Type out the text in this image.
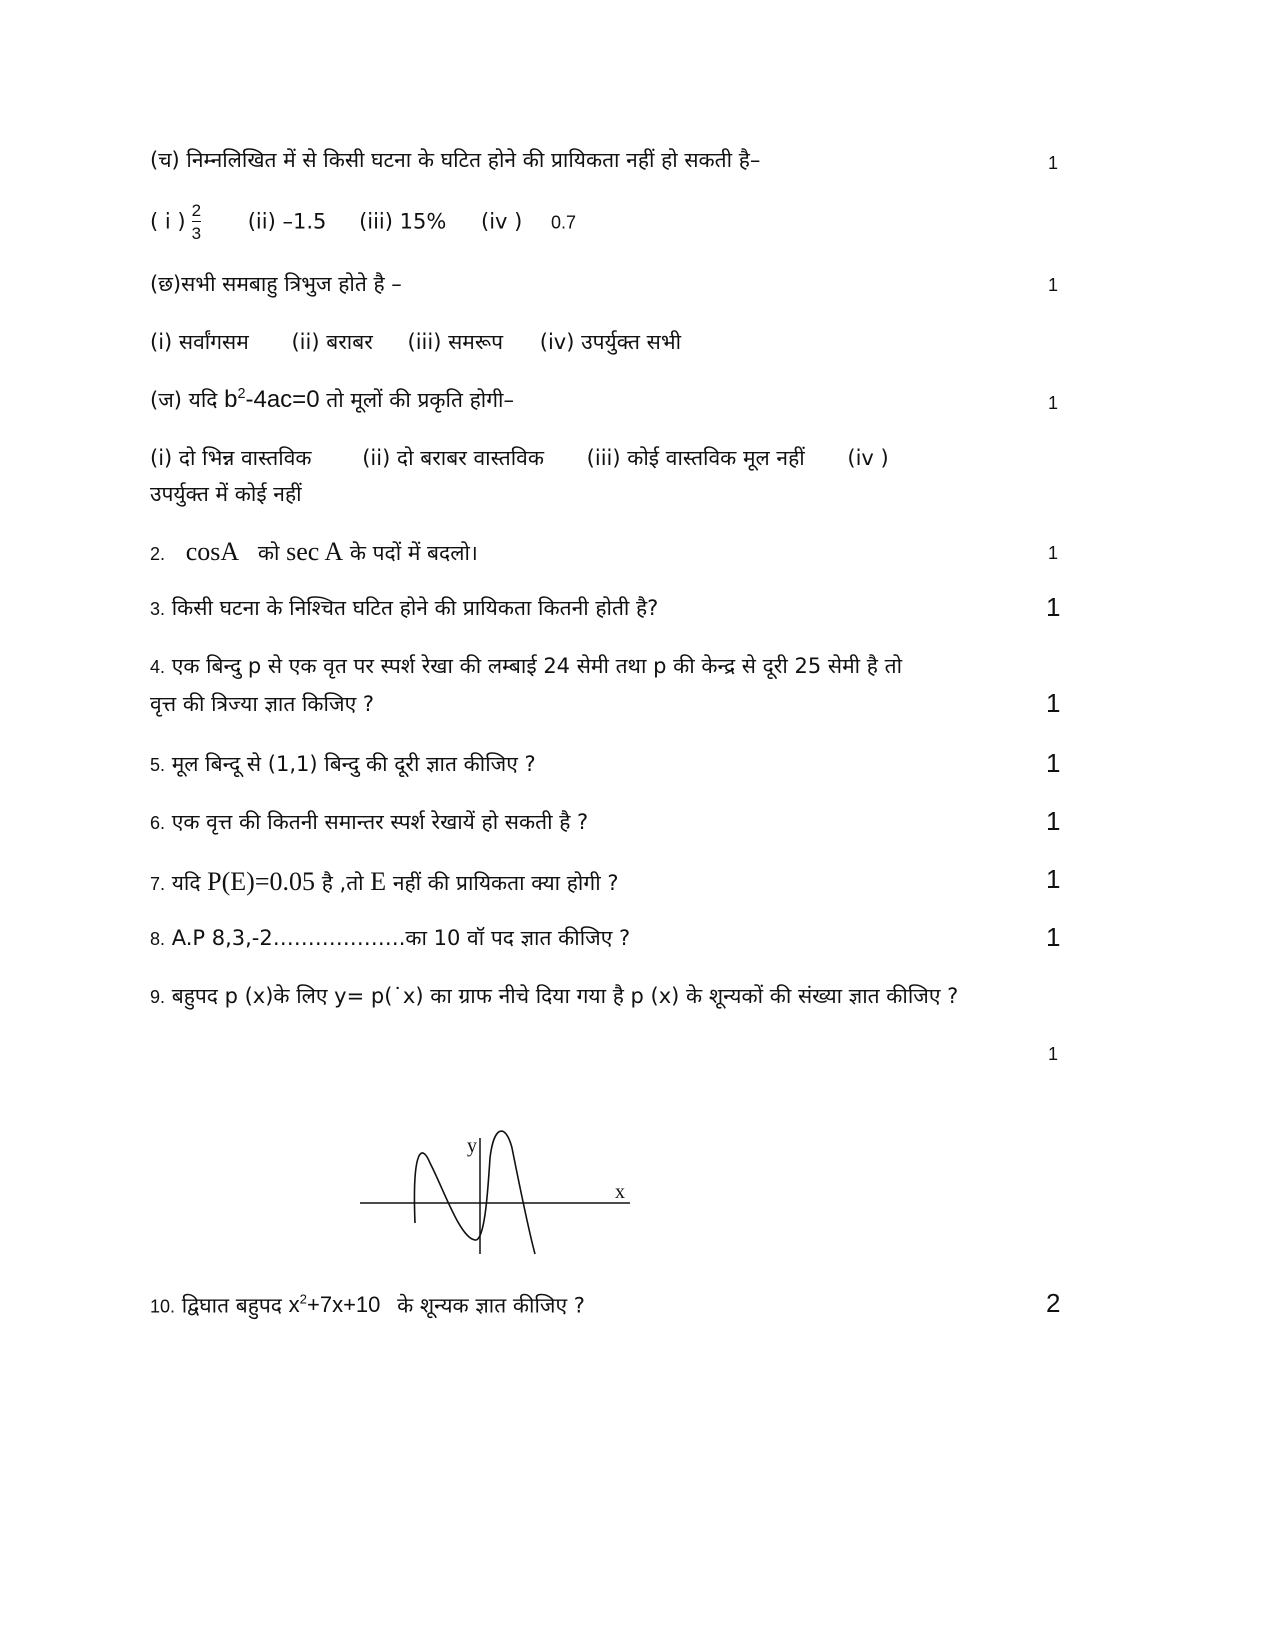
(च) निम्नलिखित में से किसी घटना के घटित होने की प्रायिकता नहीं हो सकती है–	1
( i ) $\frac{2}{3} (ii)$ –1.5 (iii) 15% (iv ) 0.7
(छ)सभी समबाहु त्रिभुज होते है –	1
(i) सर्वांगसम (ii) बराबर (iii) समरूप (iv) उपर्युक्त सभी
(ज) यदि $b^2-4ac=0$ तो मूलों की प्रकृति होगी–	1
(i) दो भिन्न वास्तविक (ii) दो बराबर वास्तविक (iii) कोई वास्तविक मूल नहीं (iv )
उपर्युक्त में कोई नहीं
2. cosA को sec A के पदों में बदलो।	1
3. किसी घटना के निश्चित घटित होने की प्रायिकता कितनी होती है?	1
4. एक बिन्दु p से एक वृत पर स्पर्श रेखा की लम्बाई 24 सेमी तथा p की केन्द्र से दूरी 25 सेमी है तो
वृत्त की त्रिज्या ज्ञात किजिए ?	1
5. मूल बिन्दू से (1,1) बिन्दु की दूरी ज्ञात कीजिए ?	1
6. एक वृत्त की कितनी समान्तर स्पर्श रेखायें हो सकती है ?	1
7. यदि P(E)=0.05 है ,तो E नहीं की प्रायिकता क्या होगी ?	1
8. A.P 8,3,-2……………….का 10 वॉ पद ज्ञात कीजिए ?	1
9. बहुपद p (x)के लिए y= p(˙x) का ग्राफ नीचे दिया गया है p (x) के शून्यकों की संख्या ज्ञात कीजिए ?
1
y
x
10. द्विघात बहुपद $x^2+7x+10$ के शून्यक ज्ञात कीजिए ?	2
